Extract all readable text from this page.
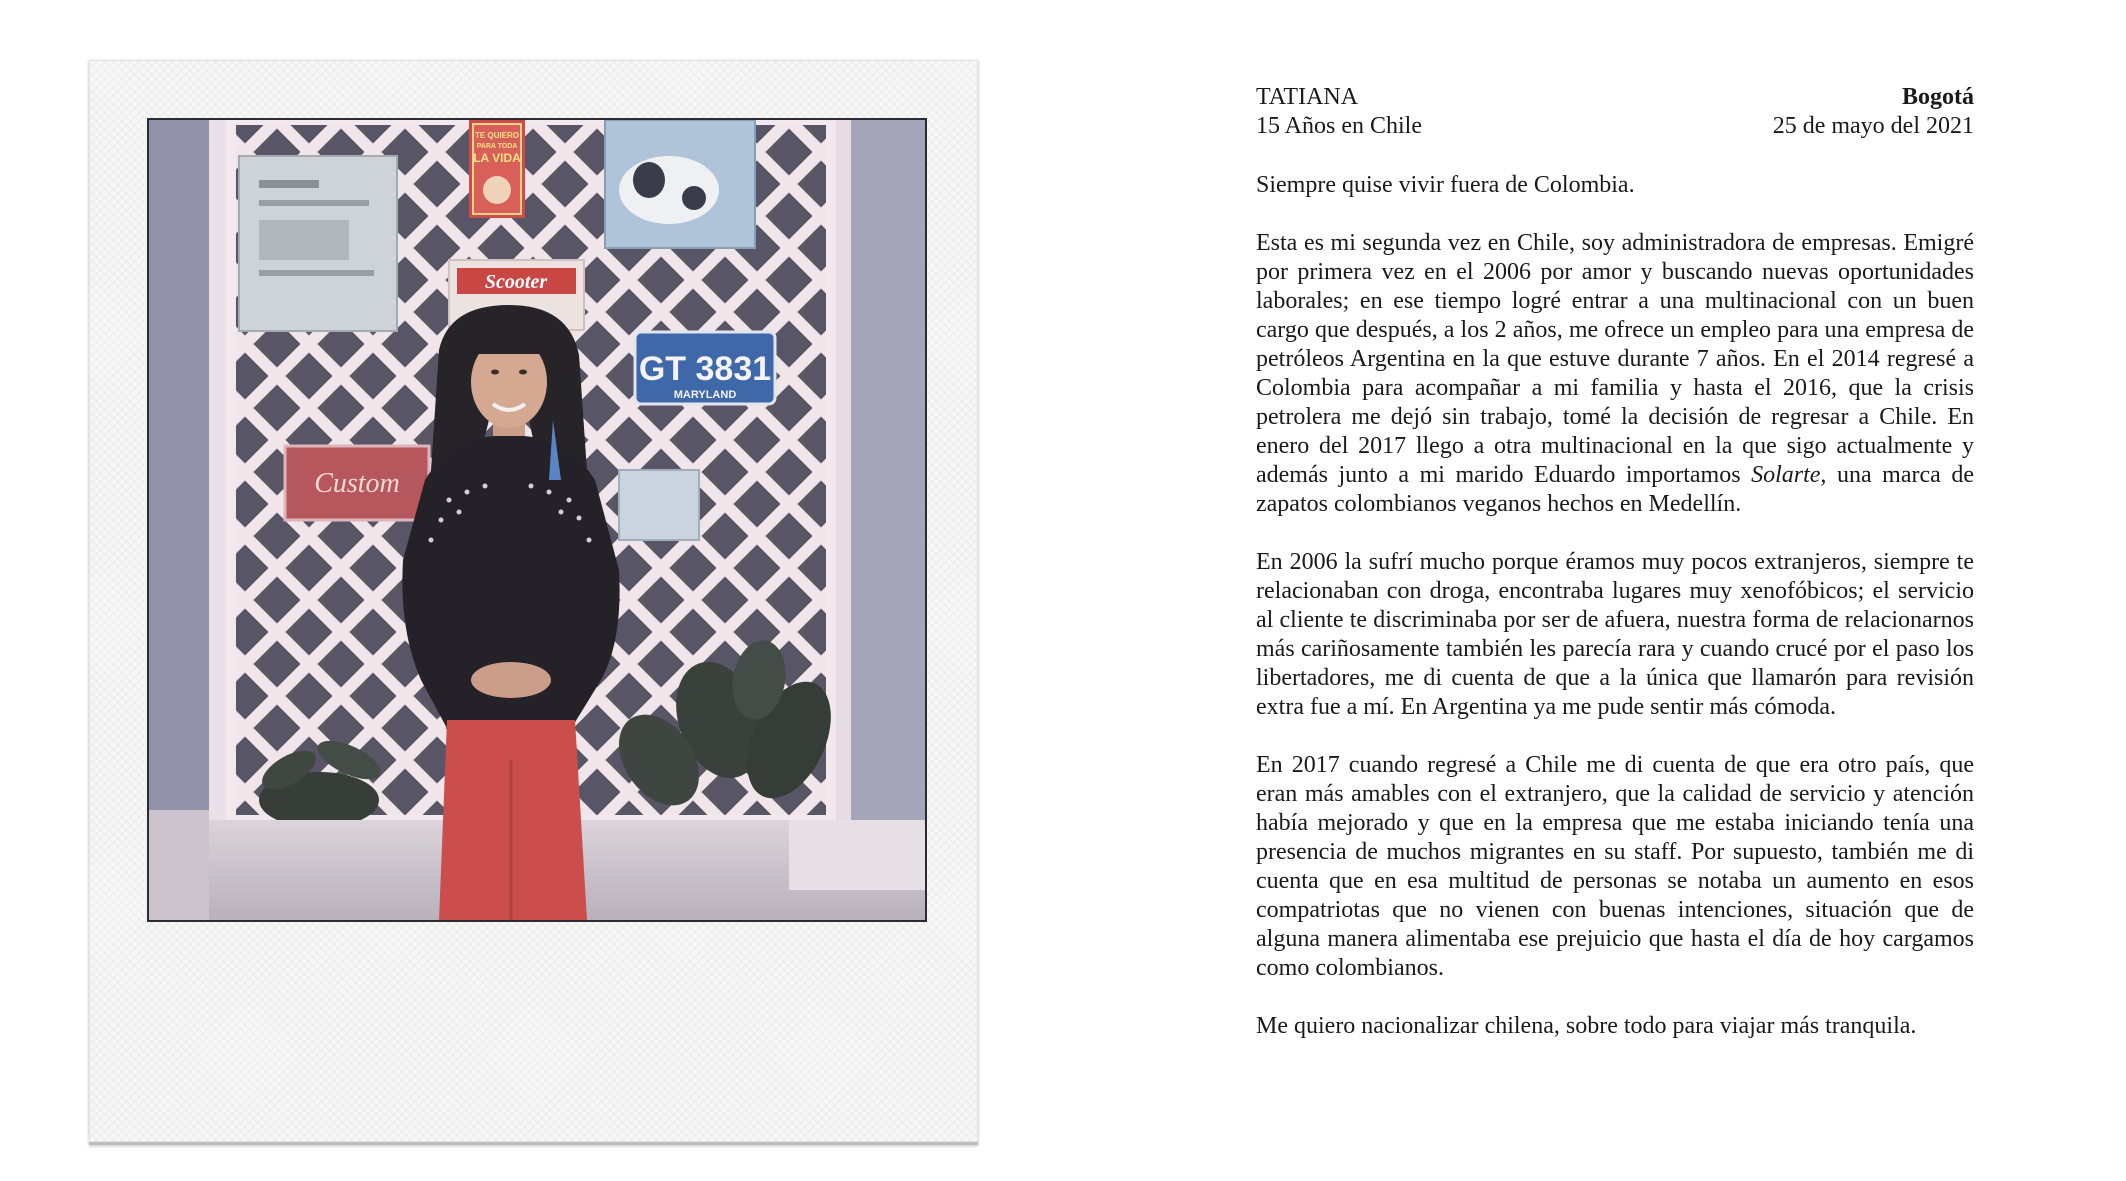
TE QUIERO
PARA TODA
LA VIDA
Scooter
GT 3831
MARYLAND
Custom
TATIANA	Bogotá
15 Años en Chile	25 de mayo del 2021

Siempre quise vivir fuera de Colombia.

Esta es mi segunda vez en Chile, soy administradora de empresas. Emigré por primera vez en el 2006 por amor y buscando nuevas oportunidades laborales; en ese tiempo logré entrar a una multinacional con un buen cargo que después, a los 2 años, me ofrece un empleo para una empresa de petróleos Argentina en la que estuve durante 7 años. En el 2014 regresé a Colombia para acompañar a mi familia y hasta el 2016, que la crisis petrolera me dejó sin trabajo, tomé la decisión de regresar a Chile. En enero del 2017 llego a otra multinacional en la que sigo actualmente y además junto a mi marido Eduardo importamos Solarte, una marca de zapatos colombianos veganos hechos en Medellín.

En 2006 la sufrí mucho porque éramos muy pocos extranjeros, siempre te relacionaban con droga, encontraba lugares muy xenofóbicos; el servicio al cliente te discriminaba por ser de afuera, nuestra forma de relacionarnos más cariñosamente también les parecía rara y cuando crucé por el paso los libertadores, me di cuenta de que a la única que llamarón para revisión extra fue a mí. En Argentina ya me pude sentir más cómoda.

En 2017 cuando regresé a Chile me di cuenta de que era otro país, que eran más amables con el extranjero, que la calidad de servicio y atención había mejorado y que en la empresa que me estaba iniciando tenía una presencia de muchos migrantes en su staff. Por supuesto, también me di cuenta que en esa multitud de personas se notaba un aumento en esos compatriotas que no vienen con buenas intenciones, situación que de alguna manera alimentaba ese prejuicio que hasta el día de hoy cargamos como colombianos.

Me quiero nacionalizar chilena, sobre todo para viajar más tranquila.
